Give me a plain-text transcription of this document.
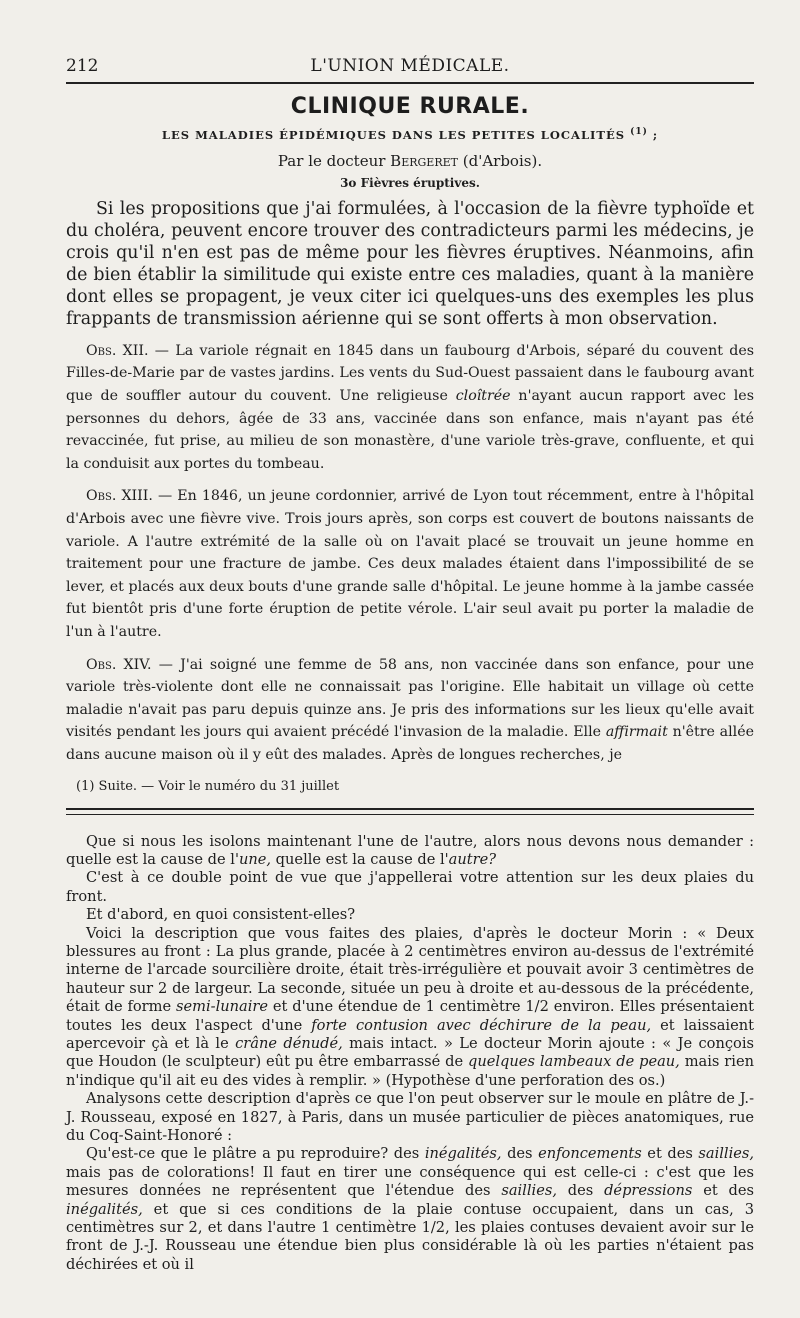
212	L'UNION MÉDICALE.
CLINIQUE RURALE.
LES MALADIES ÉPIDÉMIQUES DANS LES PETITES LOCALITÉS $^{(1)}$ ;
Par le docteur Bergeret (d'Arbois).
3o Fièvres éruptives.

Si les propositions que j'ai formulées, à l'occasion de la fièvre typhoïde et du choléra, peuvent encore trouver des contradicteurs parmi les médecins, je crois qu'il n'en est pas de même pour les fièvres éruptives. Néanmoins, afin de bien établir la similitude qui existe entre ces maladies, quant à la manière dont elles se propagent, je veux citer ici quelques-uns des exemples les plus frappants de transmission aérienne qui se sont offerts à mon observation.

Obs. XII. — La variole régnait en 1845 dans un faubourg d'Arbois, séparé du couvent des Filles-de-Marie par de vastes jardins. Les vents du Sud-Ouest passaient dans le faubourg avant que de souffler autour du couvent. Une religieuse cloîtrée n'ayant aucun rapport avec les personnes du dehors, âgée de 33 ans, vaccinée dans son enfance, mais n'ayant pas été revaccinée, fut prise, au milieu de son monastère, d'une variole très-grave, confluente, et qui la conduisit aux portes du tombeau.

Obs. XIII. — En 1846, un jeune cordonnier, arrivé de Lyon tout récemment, entre à l'hôpital d'Arbois avec une fièvre vive. Trois jours après, son corps est couvert de boutons naissants de variole. A l'autre extrémité de la salle où on l'avait placé se trouvait un jeune homme en traitement pour une fracture de jambe. Ces deux malades étaient dans l'impossibilité de se lever, et placés aux deux bouts d'une grande salle d'hôpital. Le jeune homme à la jambe cassée fut bientôt pris d'une forte éruption de petite vérole. L'air seul avait pu porter la maladie de l'un à l'autre.

Obs. XIV. — J'ai soigné une femme de 58 ans, non vaccinée dans son enfance, pour une variole très-violente dont elle ne connaissait pas l'origine. Elle habitait un village où cette maladie n'avait pas paru depuis quinze ans. Je pris des informations sur les lieux qu'elle avait visités pendant les jours qui avaient précédé l'invasion de la maladie. Elle affirmait n'être allée dans aucune maison où il y eût des malades. Après de longues recherches, je

(1) Suite. — Voir le numéro du 31 juillet

Que si nous les isolons maintenant l'une de l'autre, alors nous devons nous demander : quelle est la cause de l'une, quelle est la cause de l'autre?

C'est à ce double point de vue que j'appellerai votre attention sur les deux plaies du front.

Et d'abord, en quoi consistent-elles?

Voici la description que vous faites des plaies, d'après le docteur Morin : « Deux blessures au front : La plus grande, placée à 2 centimètres environ au-dessus de l'extrémité interne de l'arcade sourcilière droite, était très-irrégulière et pouvait avoir 3 centimètres de hauteur sur 2 de largeur. La seconde, située un peu à droite et au-dessous de la précédente, était de forme semi-lunaire et d'une étendue de 1 centimètre 1/2 environ. Elles présentaient toutes les deux l'aspect d'une forte contusion avec déchirure de la peau, et laissaient apercevoir çà et là le crâne dénudé, mais intact. » Le docteur Morin ajoute : « Je conçois que Houdon (le sculpteur) eût pu être embarrassé de quelques lambeaux de peau, mais rien n'indique qu'il ait eu des vides à remplir. » (Hypothèse d'une perforation des os.)

Analysons cette description d'après ce que l'on peut observer sur le moule en plâtre de J.-J. Rousseau, exposé en 1827, à Paris, dans un musée particulier de pièces anatomiques, rue du Coq-Saint-Honoré :

Qu'est-ce que le plâtre a pu reproduire? des inégalités, des enfoncements et des saillies, mais pas de colorations! Il faut en tirer une conséquence qui est celle-ci : c'est que les mesures données ne représentent que l'étendue des saillies, des dépressions et des inégalités, et que si ces conditions de la plaie contuse occupaient, dans un cas, 3 centimètres sur 2, et dans l'autre 1 centimètre 1/2, les plaies contuses devaient avoir sur le front de J.-J. Rousseau une étendue bien plus considérable là où les parties n'étaient pas déchirées et où il
